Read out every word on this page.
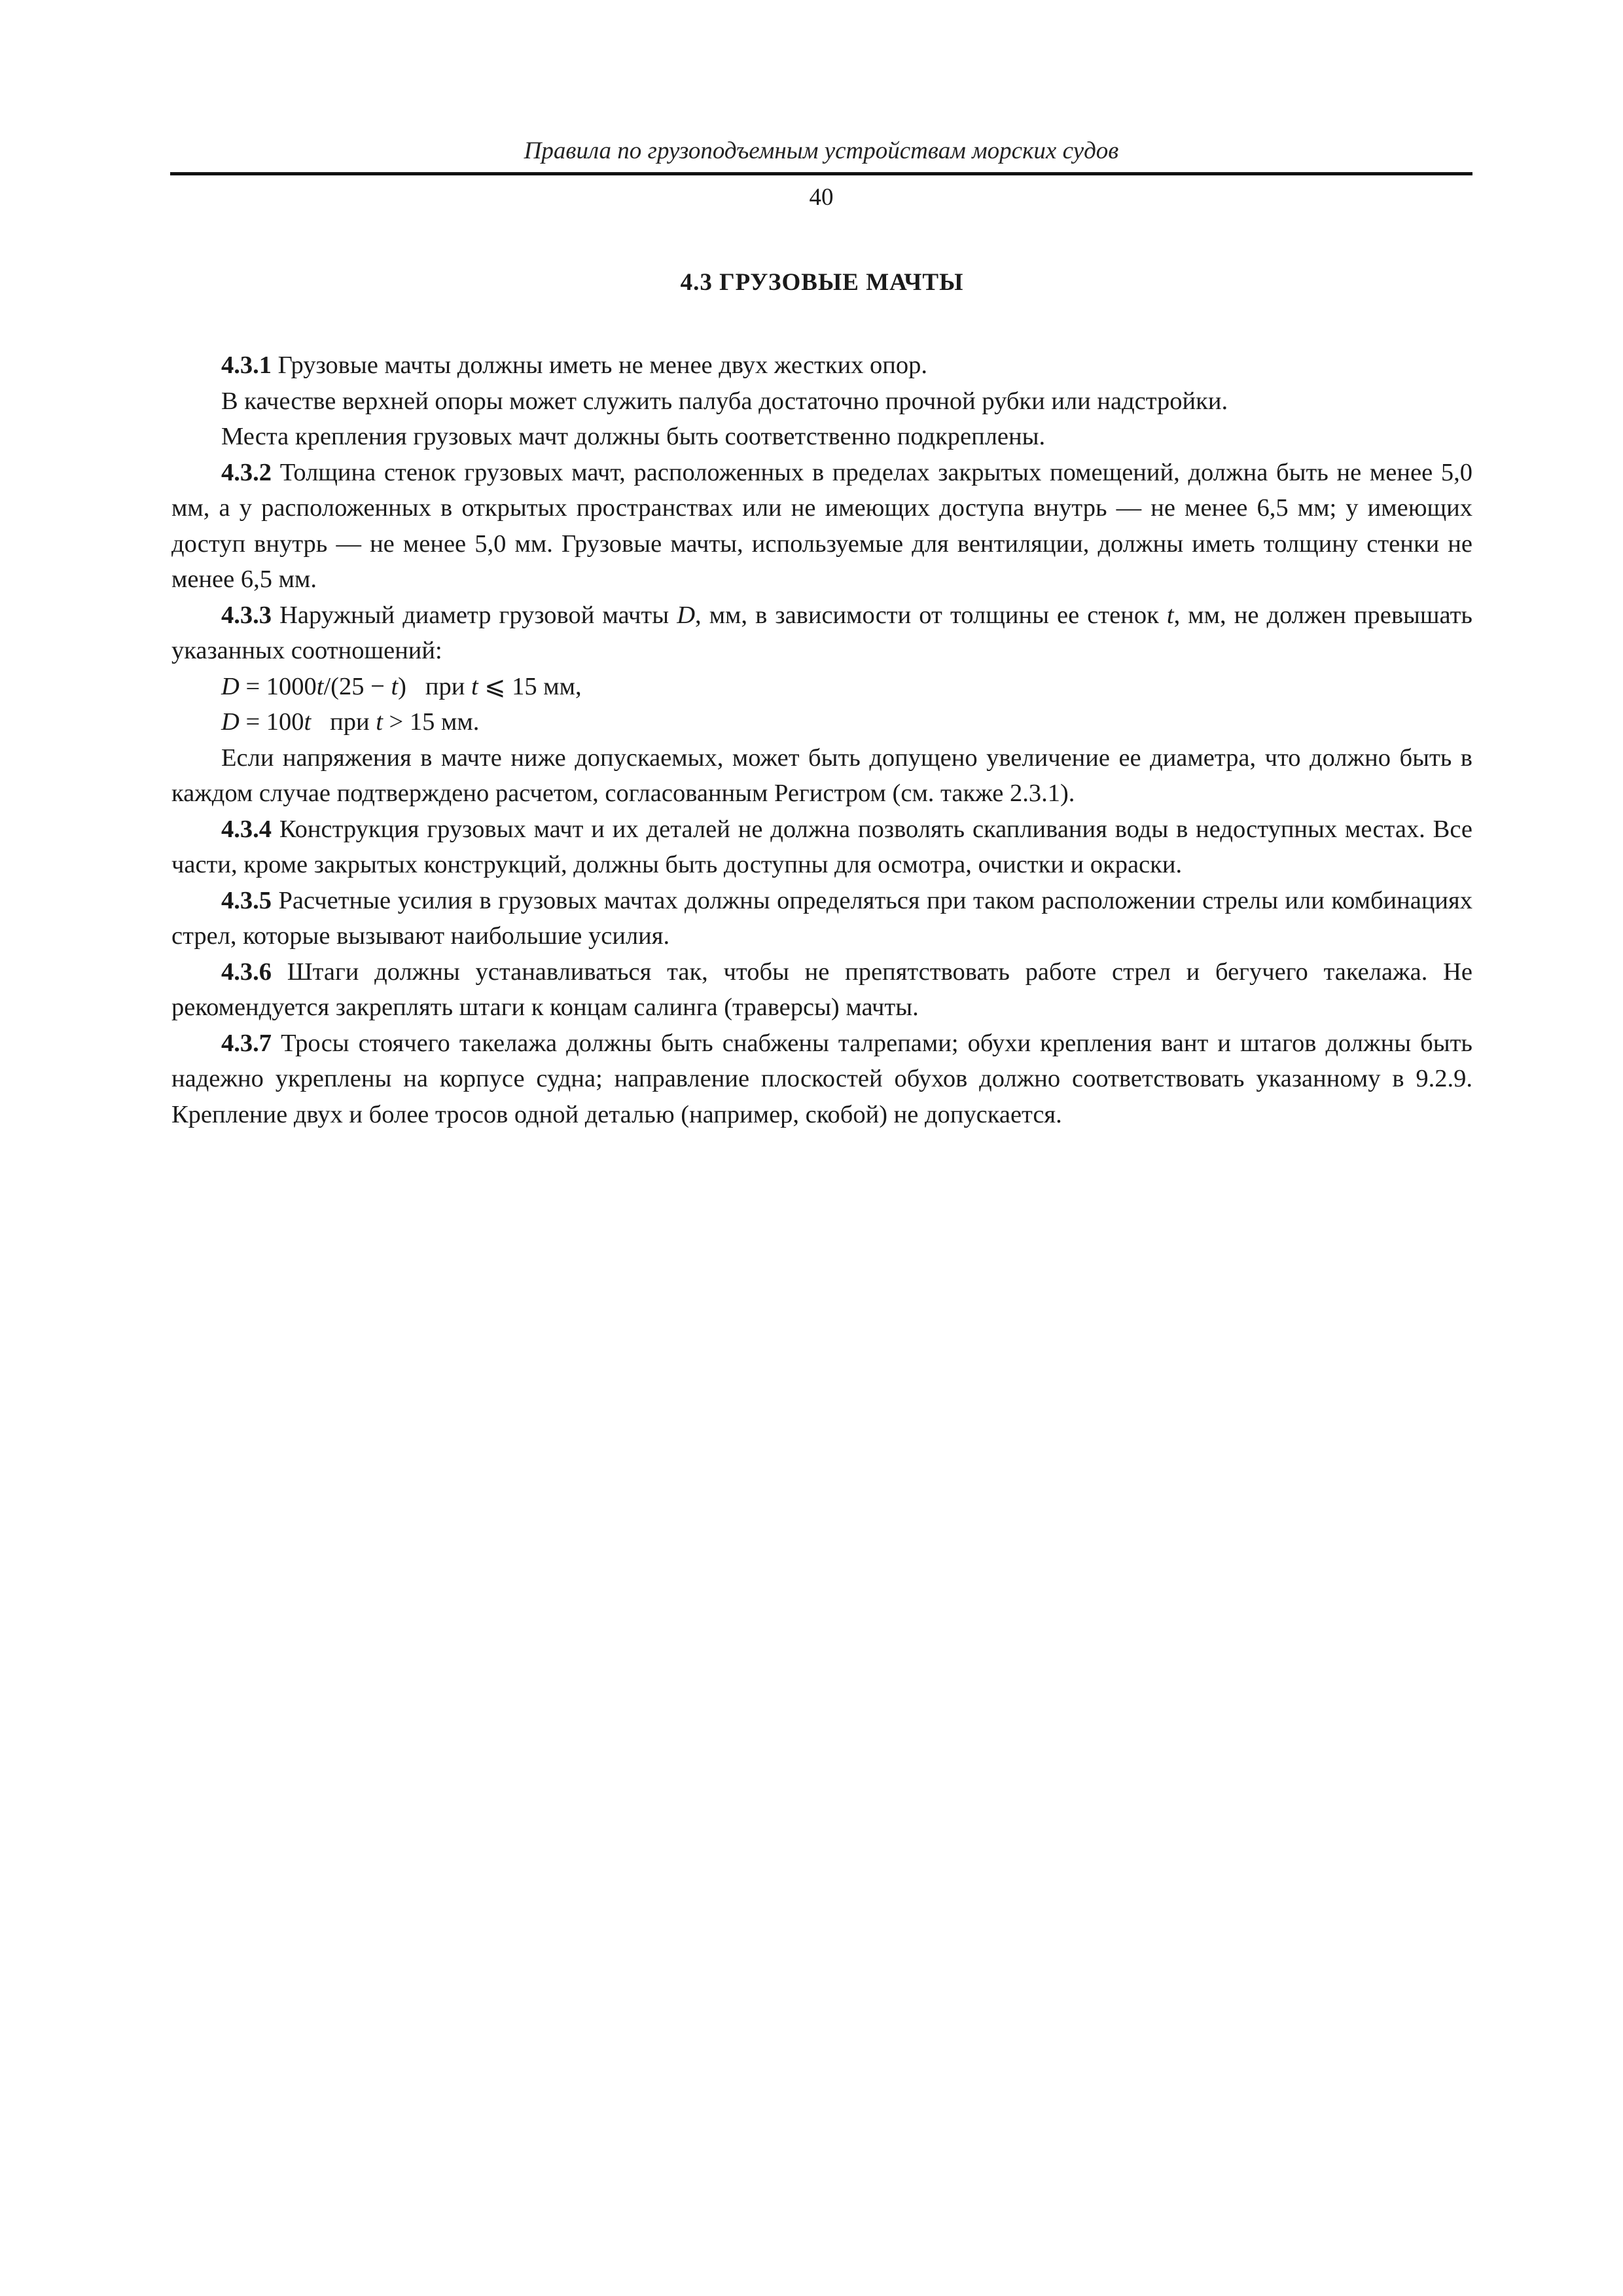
Правила по грузоподъемным устройствам морских судов
40
4.3 ГРУЗОВЫЕ МАЧТЫ

4.3.1 Грузовые мачты должны иметь не менее двух жестких опор.

В качестве верхней опоры может служить палуба достаточно прочной рубки или надстройки.

Места крепления грузовых мачт должны быть соответственно подкреплены.

4.3.2 Толщина стенок грузовых мачт, расположенных в пределах закрытых помещений, должна быть не менее 5,0 мм, а у расположенных в открытых пространствах или не имеющих доступа внутрь — не менее 6,5 мм; у имеющих доступ внутрь — не менее 5,0 мм. Грузовые мачты, используемые для вентиляции, должны иметь толщину стенки не менее 6,5 мм.

4.3.3 Наружный диаметр грузовой мачты D, мм, в зависимости от толщины ее стенок t, мм, не должен превышать указанных соотношений:

D = 1000t/(25 − t)   при t ⩽ 15 мм,

D = 100t   при t > 15 мм.

Если напряжения в мачте ниже допускаемых, может быть допущено увеличение ее диаметра, что должно быть в каждом случае подтверждено расчетом, согласованным Регистром (см. также 2.3.1).

4.3.4 Конструкция грузовых мачт и их деталей не должна позволять скапливания воды в недоступных местах. Все части, кроме закрытых конструкций, должны быть доступны для осмотра, очистки и окраски.

4.3.5 Расчетные усилия в грузовых мачтах должны определяться при таком расположении стрелы или комбинациях стрел, которые вызывают наибольшие усилия.

4.3.6 Штаги должны устанавливаться так, чтобы не препятствовать работе стрел и бегучего такелажа. Не рекомендуется закреплять штаги к концам салинга (траверсы) мачты.

4.3.7 Тросы стоячего такелажа должны быть снабжены талрепами; обухи крепления вант и штагов должны быть надежно укреплены на корпусе судна; направление плоскостей обухов должно соответствовать указанному в 9.2.9. Крепление двух и более тросов одной деталью (например, скобой) не допускается.
